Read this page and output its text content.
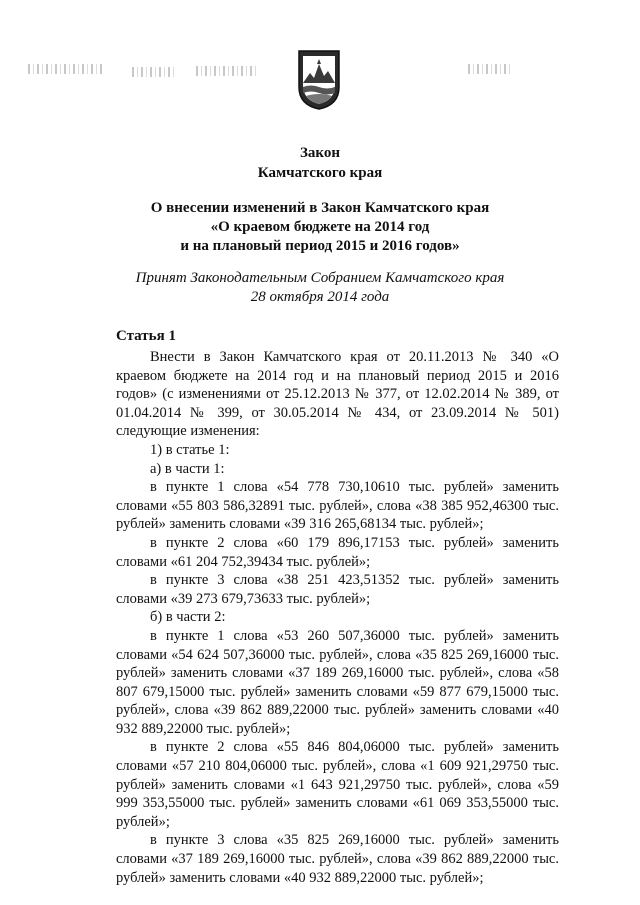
Закон
Камчатского края
О внесении изменений в Закон Камчатского края
«О краевом бюджете на 2014 год
и на плановый период 2015 и 2016 годов»
Принят Законодательным Собранием Камчатского края
28 октября 2014 года
Статья 1

Внести в Закон Камчатского края от 20.11.2013 № 340 «О краевом бюджете на 2014 год и на плановый период 2015 и 2016 годов» (с изменениями от 25.12.2013 № 377, от 12.02.2014 № 389, от 01.04.2014 № 399, от 30.05.2014 № 434, от 23.09.2014 № 501) следующие изменения:

1) в статье 1:

а) в части 1:

в пункте 1 слова «54 778 730,10610 тыс. рублей» заменить словами «55 803 586,32891 тыс. рублей», слова «38 385 952,46300 тыс. рублей» заменить словами «39 316 265,68134 тыс. рублей»;

в пункте 2 слова «60 179 896,17153 тыс. рублей» заменить словами «61 204 752,39434 тыс. рублей»;

в пункте 3 слова «38 251 423,51352 тыс. рублей» заменить словами «39 273 679,73633 тыс. рублей»;

б) в части 2:

в пункте 1 слова «53 260 507,36000 тыс. рублей» заменить словами «54 624 507,36000 тыс. рублей», слова «35 825 269,16000 тыс. рублей» заменить словами «37 189 269,16000 тыс. рублей», слова «58 807 679,15000 тыс. рублей» заменить словами «59 877 679,15000 тыс. рублей», слова «39 862 889,22000 тыс. рублей» заменить словами «40 932 889,22000 тыс. рублей»;

в пункте 2 слова «55 846 804,06000 тыс. рублей» заменить словами «57 210 804,06000 тыс. рублей», слова «1 609 921,29750 тыс. рублей» заменить словами «1 643 921,29750 тыс. рублей», слова «59 999 353,55000 тыс. рублей» заменить словами «61 069 353,55000 тыс. рублей»;

в пункте 3 слова «35 825 269,16000 тыс. рублей» заменить словами «37 189 269,16000 тыс. рублей», слова «39 862 889,22000 тыс. рублей» заменить словами «40 932 889,22000 тыс. рублей»;
